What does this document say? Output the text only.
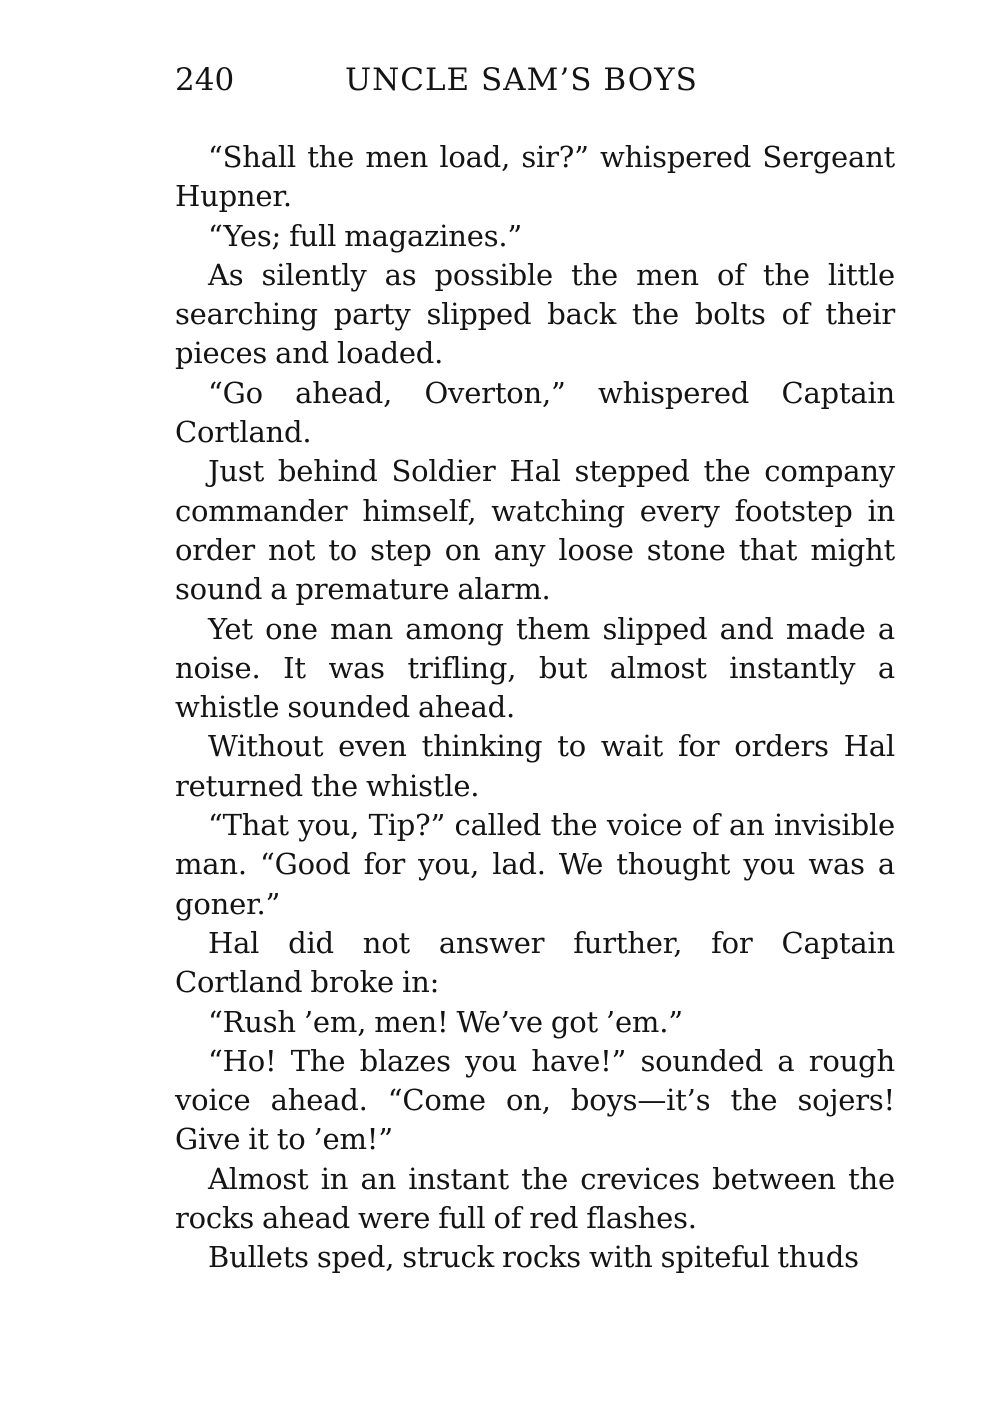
240	UNCLE SAM’S BOYS

“Shall the men load, sir?” whispered Sergeant Hupner.

“Yes; full magazines.”

As silently as possible the men of the little searching party slipped back the bolts of their pieces and loaded.

“Go ahead, Overton,” whispered Captain Cortland.

Just behind Soldier Hal stepped the company commander himself, watching every footstep in order not to step on any loose stone that might sound a premature alarm.

Yet one man among them slipped and made a noise. It was trifling, but almost instantly a whistle sounded ahead.

Without even thinking to wait for orders Hal returned the whistle.

“That you, Tip?” called the voice of an invisible man. “Good for you, lad. We thought you was a goner.”

Hal did not answer further, for Captain Cortland broke in:

“Rush ’em, men! We’ve got ’em.”

“Ho! The blazes you have!” sounded a rough voice ahead. “Come on, boys—it’s the sojers! Give it to ’em!”

Almost in an instant the crevices between the rocks ahead were full of red flashes.

Bullets sped, struck rocks with spiteful thuds
